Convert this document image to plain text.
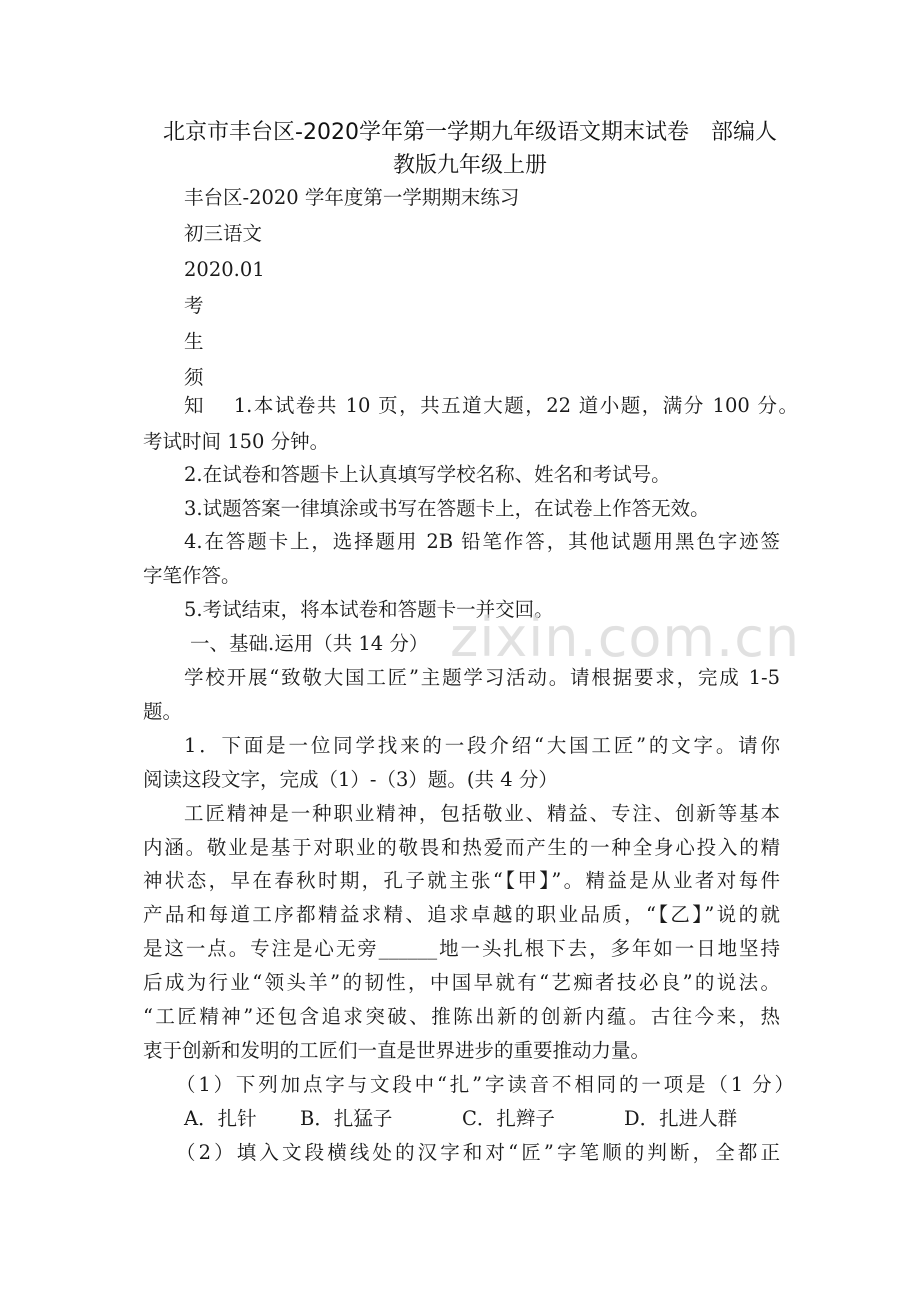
北京市丰台区-2020学年第一学期九年级语文期末试卷　部编人
教版九年级上册
丰台区-2020 学年度第一学期期末练习
初三语文
2020.01
考
生
须
知　 1.本试卷共 10 页，共五道大题，22 道小题，满分 100 分。
考试时间 150 分钟。
2.在试卷和答题卡上认真填写学校名称、姓名和考试号。
3.试题答案一律填涂或书写在答题卡上，在试卷上作答无效。
4.在答题卡上，选择题用 2B 铅笔作答，其他试题用黑色字迹签
字笔作答。
5.考试结束，将本试卷和答题卡一并交回。
一、基础.运用（共 14 分）
学校开展“致敬大国工匠”主题学习活动。请根据要求，完成 1-5
题。
1．下面是一位同学找来的一段介绍“大国工匠”的文字。请你
阅读这段文字，完成（1）-（3）题。(共 4 分）
工匠精神是一种职业精神，包括敬业、精益、专注、创新等基本
内涵。敬业是基于对职业的敬畏和热爱而产生的一种全身心投入的精
神状态，早在春秋时期，孔子就主张“【甲】”。精益是从业者对每件
产品和每道工序都精益求精、追求卓越的职业品质，“【乙】”说的就
是这一点。专注是心无旁______地一头扎根下去，多年如一日地坚持
后成为行业“领头羊”的韧性，中国早就有“艺痴者技必良”的说法。
“工匠精神”还包含追求突破、推陈出新的创新内蕴。古往今来，热
衷于创新和发明的工匠们一直是世界进步的重要推动力量。
（1）下列加点字与文段中“扎”字读音不相同的一项是（1 分）
A．扎针 B．扎猛子	C．扎辫子	D．扎进人群
（2）填入文段横线处的汉字和对“匠”字笔顺的判断，全都正
zixin.com.cn
